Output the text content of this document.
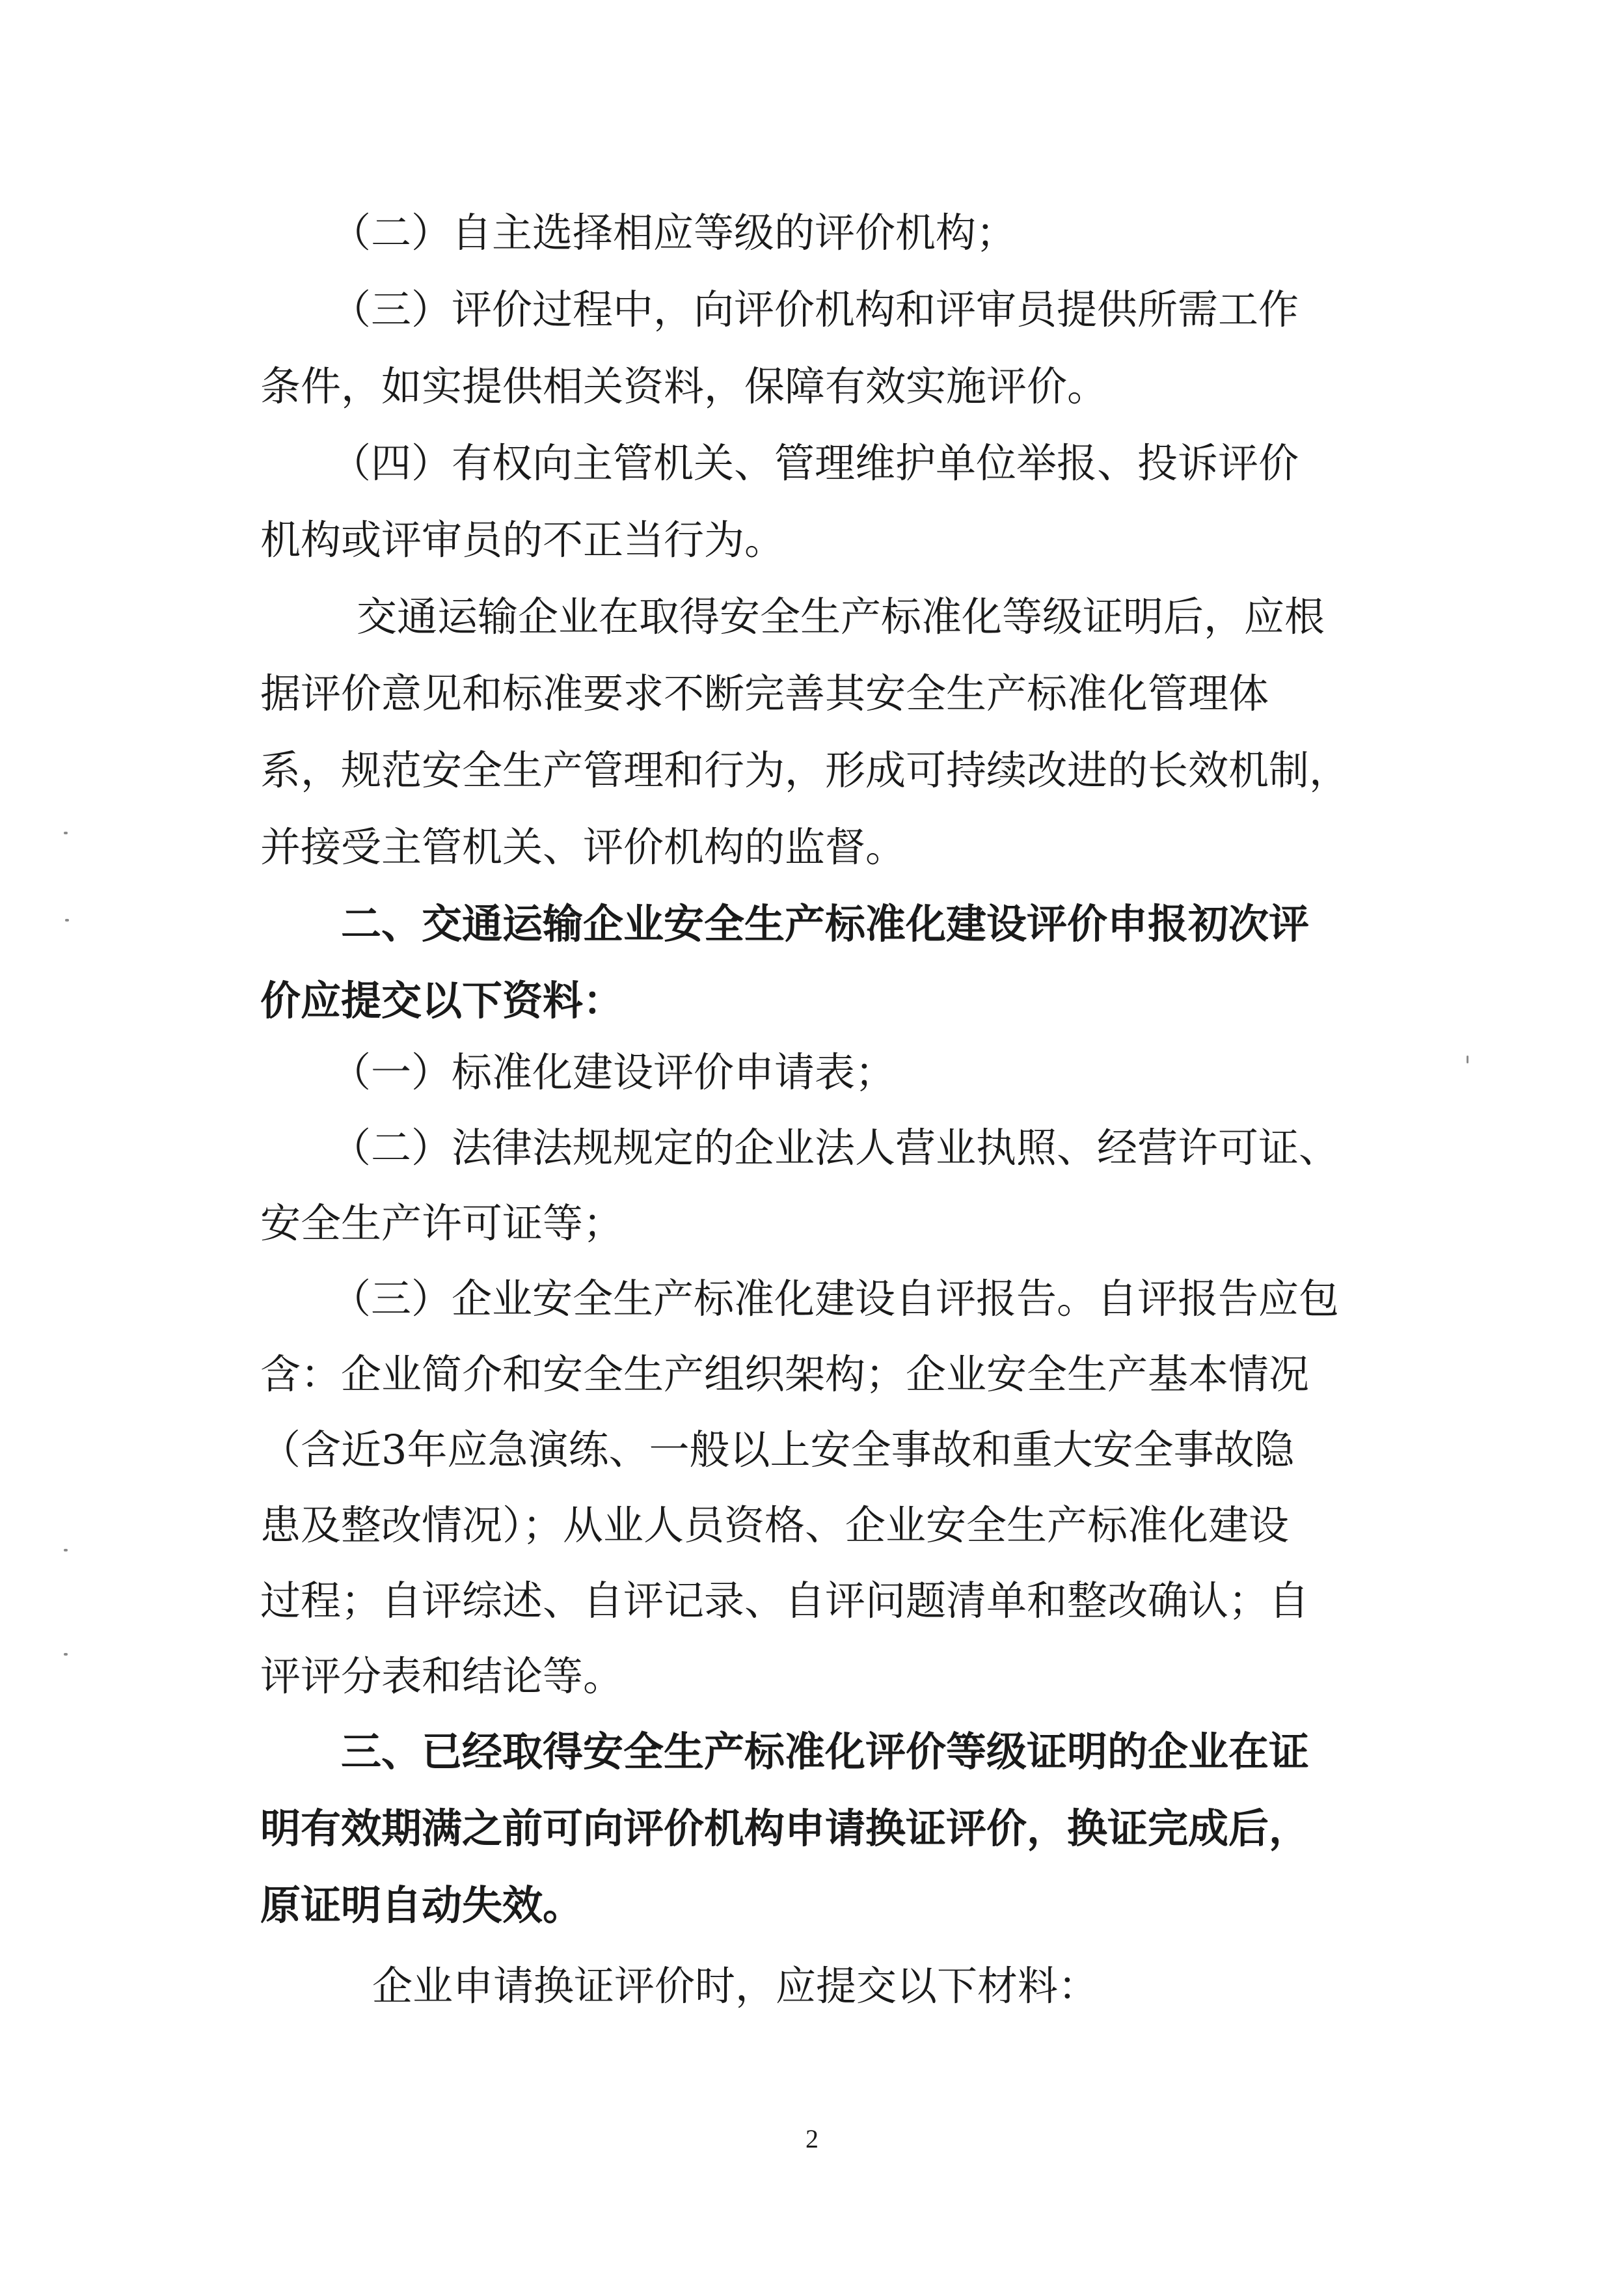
（二）自主选择相应等级的评价机构；
（三）评价过程中，向评价机构和评审员提供所需工作
条件，如实提供相关资料，保障有效实施评价。
（四）有权向主管机关、管理维护单位举报、投诉评价
机构或评审员的不正当行为。
交通运输企业在取得安全生产标准化等级证明后，应根
据评价意见和标准要求不断完善其安全生产标准化管理体
系，规范安全生产管理和行为，形成可持续改进的长效机制，
并接受主管机关、评价机构的监督。
二、交通运输企业安全生产标准化建设评价申报初次评
价应提交以下资料：
（一）标准化建设评价申请表；
（二）法律法规规定的企业法人营业执照、经营许可证、
安全生产许可证等；
（三）企业安全生产标准化建设自评报告。自评报告应包
含：企业简介和安全生产组织架构；企业安全生产基本情况
（含近3年应急演练、一般以上安全事故和重大安全事故隐
患及整改情况）；从业人员资格、企业安全生产标准化建设
过程；自评综述、自评记录、自评问题清单和整改确认；自
评评分表和结论等。
三、已经取得安全生产标准化评价等级证明的企业在证
明有效期满之前可向评价机构申请换证评价，换证完成后，
原证明自动失效。
企业申请换证评价时，应提交以下材料：
2
